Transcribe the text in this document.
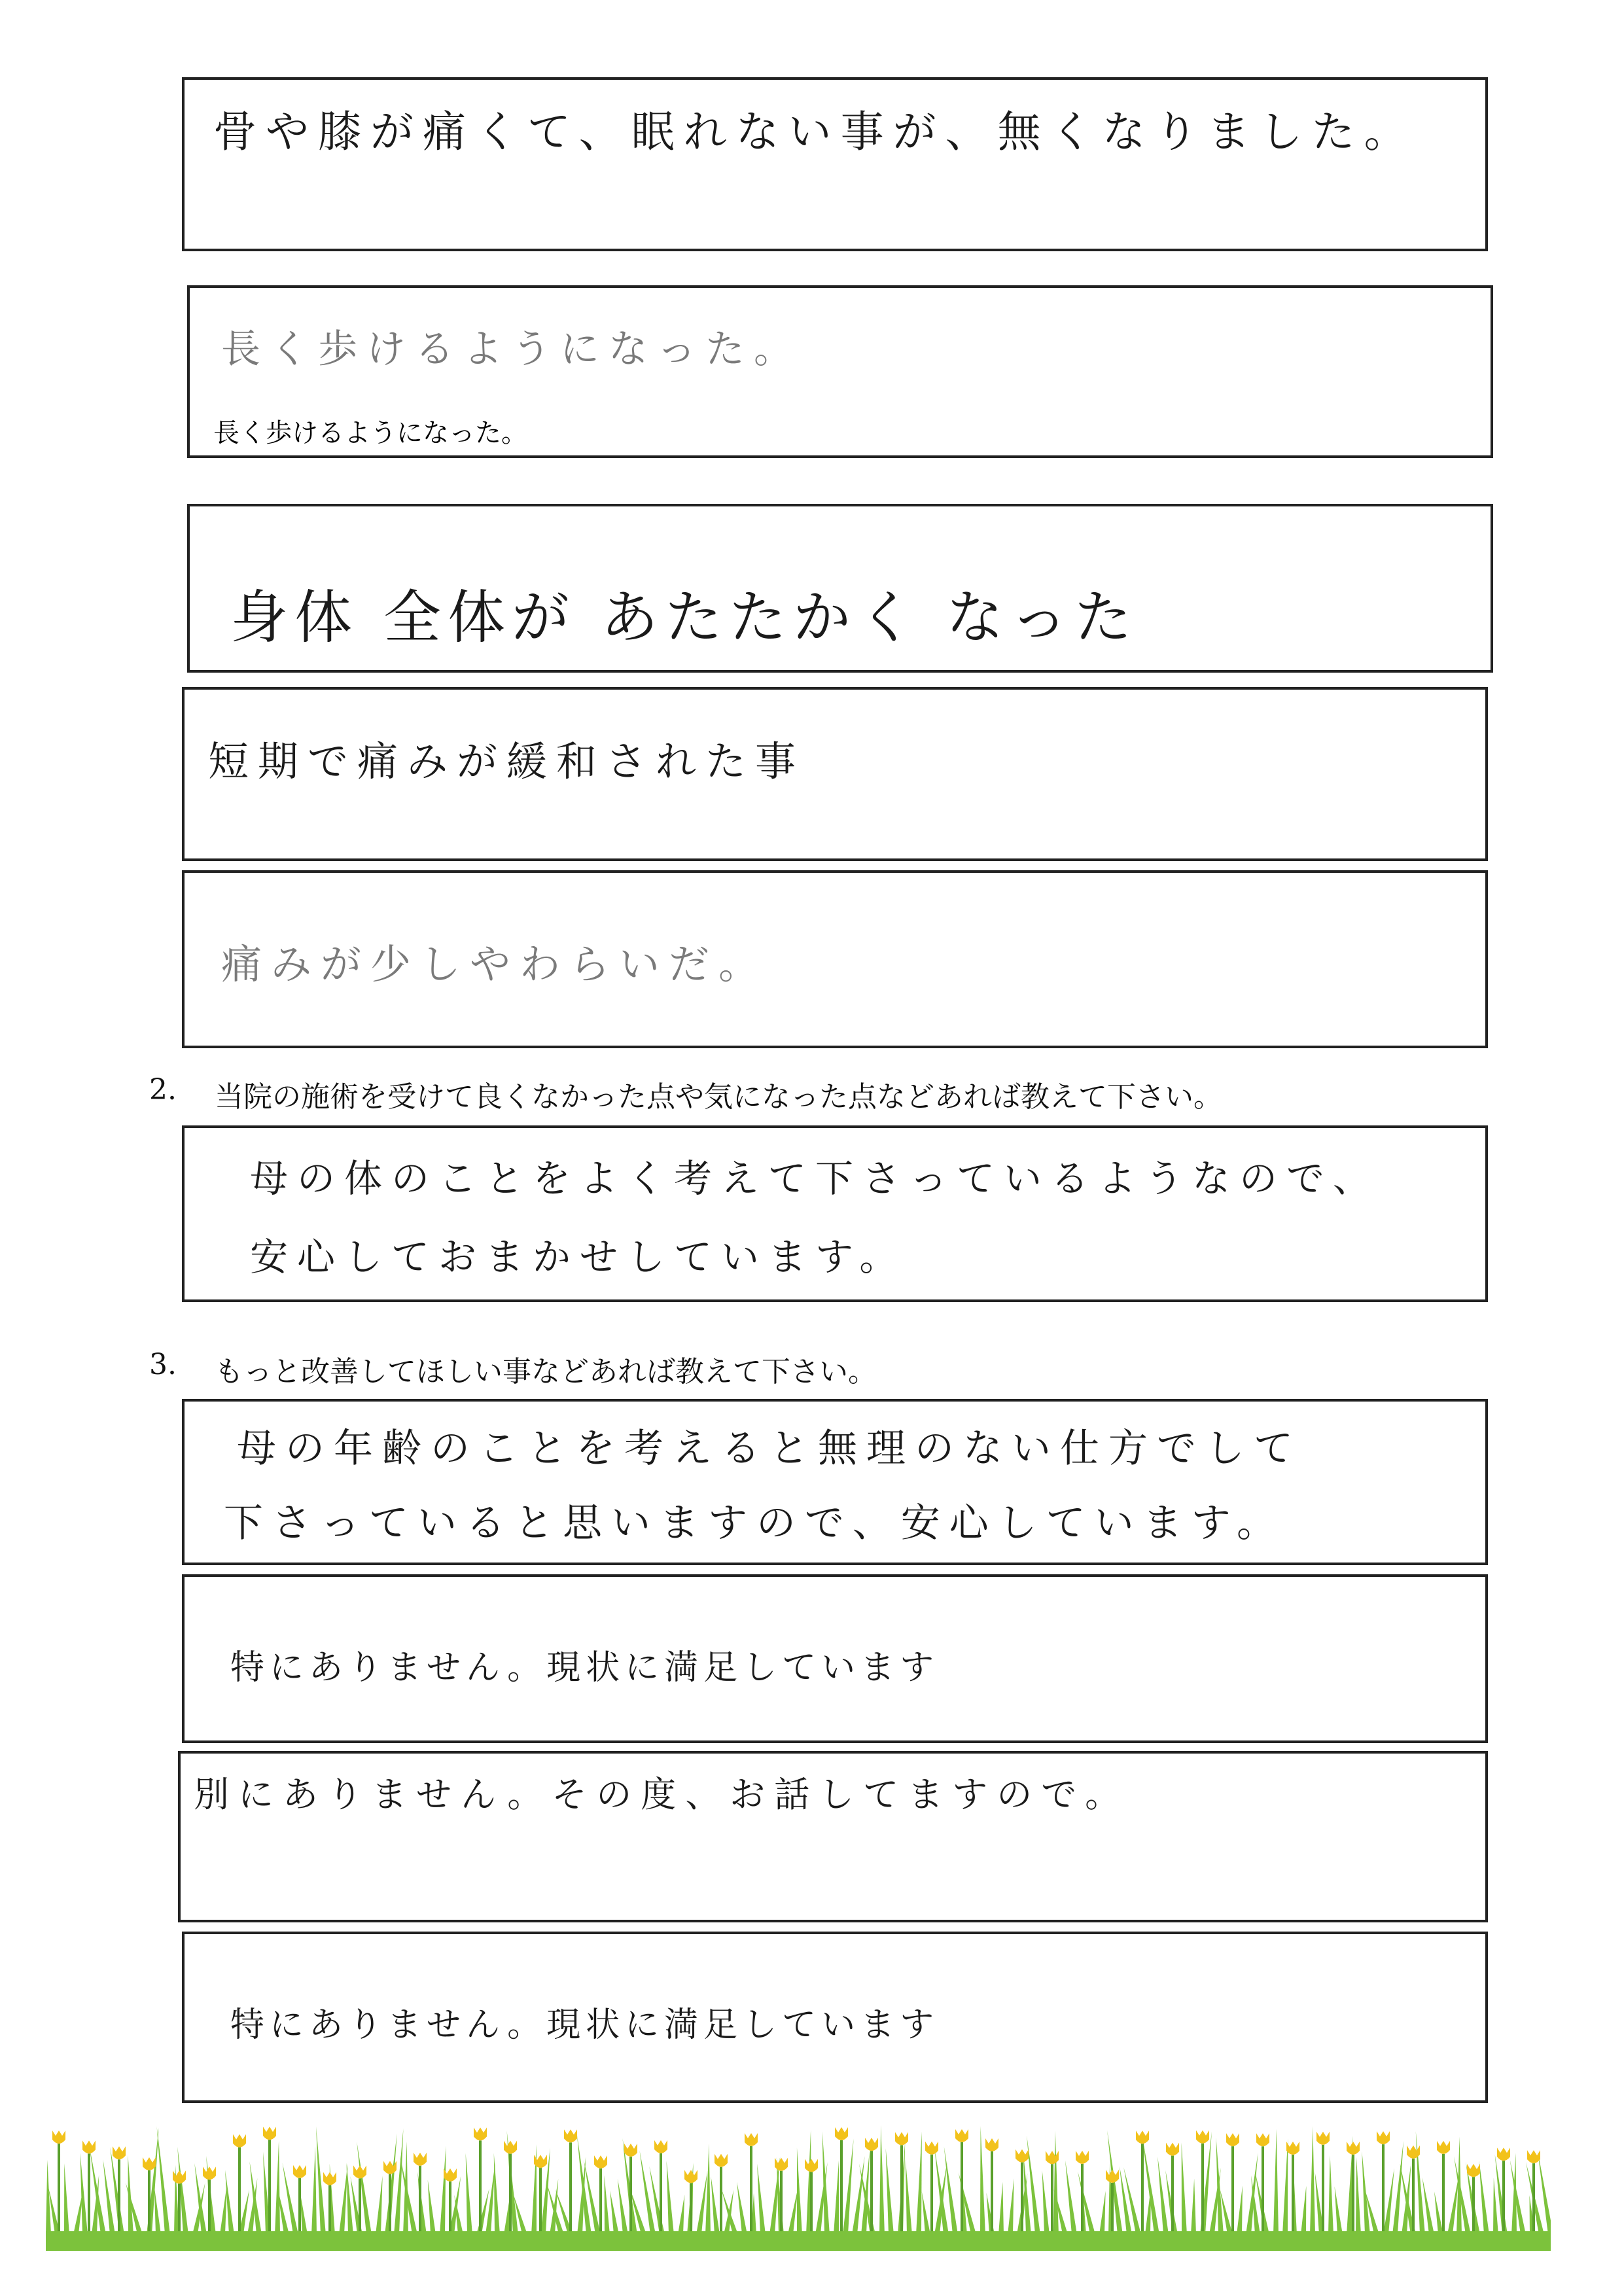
骨や膝が痛くて、眠れない事が、無くなりました。
長く歩けるようになった。
長く歩けるようになった。
身体 全体が あたたかく なった
短期で痛みが緩和された事
痛みが少しやわらいだ。
2. 当院の施術を受けて良くなかった点や気になった点などあれば教えて下さい。
母の体のことをよく考えて下さっているようなので、
安心しておまかせしています。
3. もっと改善してほしい事などあれば教えて下さい。
母の年齢のことを考えると無理のない仕方でして
下さっていると思いますので、安心しています。
特にありません。現状に満足しています
別にありません。その度、お話してますので。
特にありません。現状に満足しています
